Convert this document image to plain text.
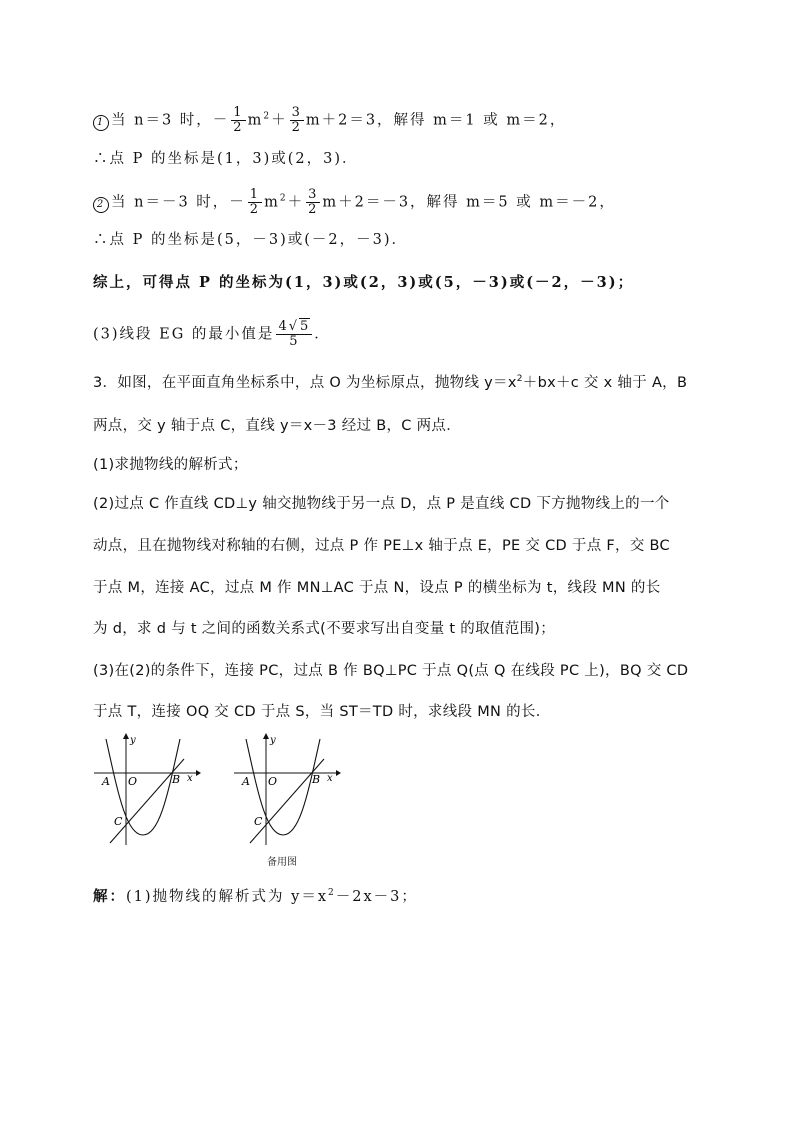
1 当 n＝3 时，－ $\frac{1}{2} m^2+ \frac{3}{2} m+2=3$，解得 m＝1 或 m＝2，
∴点 P 的坐标是(1，3)或(2，3)．
2 当 n＝－3 时，－ $\frac{1}{2} m^2+ \frac{3}{2} m+2=-3$，解得 m＝5 或 m＝－2，
∴点 P 的坐标是(5，－3)或(－2，－3)．
综上，可得点 P 的坐标为(1，3)或(2，3)或(5，－3)或(－2，－3)；
(3)线段 EG 的最小值是 $\frac{4√5}{5}$ ．
3．如图，在平面直角坐标系中，点 O 为坐标原点，抛物线 $y=x^2+bx+c$ 交 x 轴于 A，B
两点，交 y 轴于点 C，直线 y＝x－3 经过 B，C 两点．
(1)求抛物线的解析式；
(2)过点 C 作直线 CD⊥y 轴交抛物线于另一点 D，点 P 是直线 CD 下方抛物线上的一个
动点，且在抛物线对称轴的右侧，过点 P 作 PE⊥x 轴于点 E，PE 交 CD 于点 F，交 BC
于点 M，连接 AC，过点 M 作 MN⊥AC 于点 N，设点 P 的横坐标为 t，线段 MN 的长
为 d，求 d 与 t 之间的函数关系式(不要求写出自变量 t 的取值范围)；
(3)在(2)的条件下，连接 PC，过点 B 作 BQ⊥PC 于点 Q(点 Q 在线段 PC 上)，BQ 交 CD
于点 T，连接 OQ 交 CD 于点 S，当 ST＝TD 时，求线段 MN 的长．
A O	B
C
x
y
A O	B
C
x
y
备用图
解：(1)抛物线的解析式为 $y=x^2-2x-3$；
